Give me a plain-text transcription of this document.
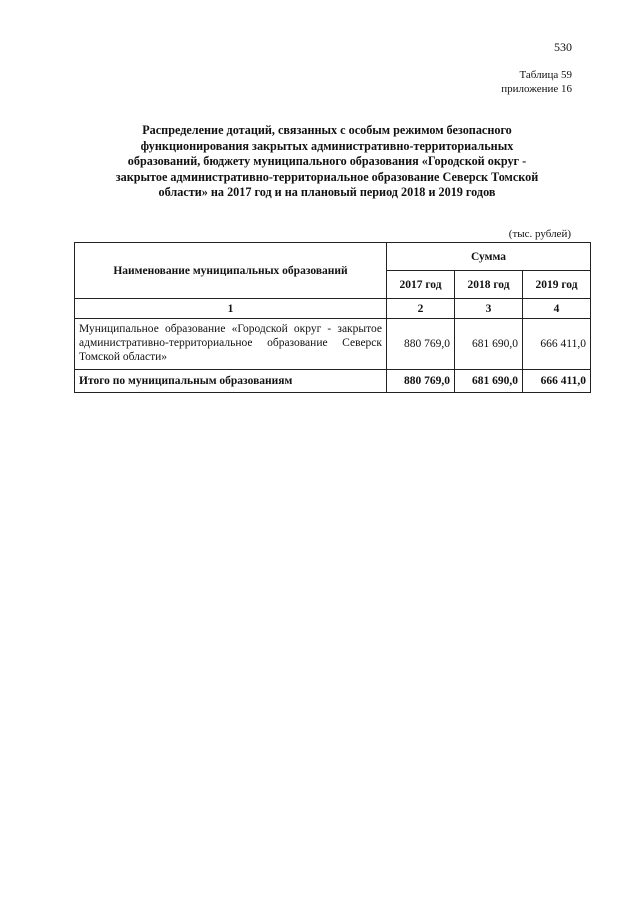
530
Таблица 59
приложение 16
Распределение дотаций, связанных с особым режимом безопасного
функционирования закрытых административно-территориальных
образований, бюджету муниципального образования «Городской округ -
закрытое административно-территориальное образование Северск Томской
области» на 2017 год и на плановый период 2018 и 2019 годов
(тыс. рублей)
Наименование муниципальных образований	Сумма		
	2017 год	2018 год	2019 год
1	2	3	4
Муниципальное образование «Городской округ - закрытое административно-территориальное образование Северск Томской области»	880 769,0	681 690,0	666 411,0
Итого по муниципальным образованиям	880 769,0	681 690,0	666 411,0
